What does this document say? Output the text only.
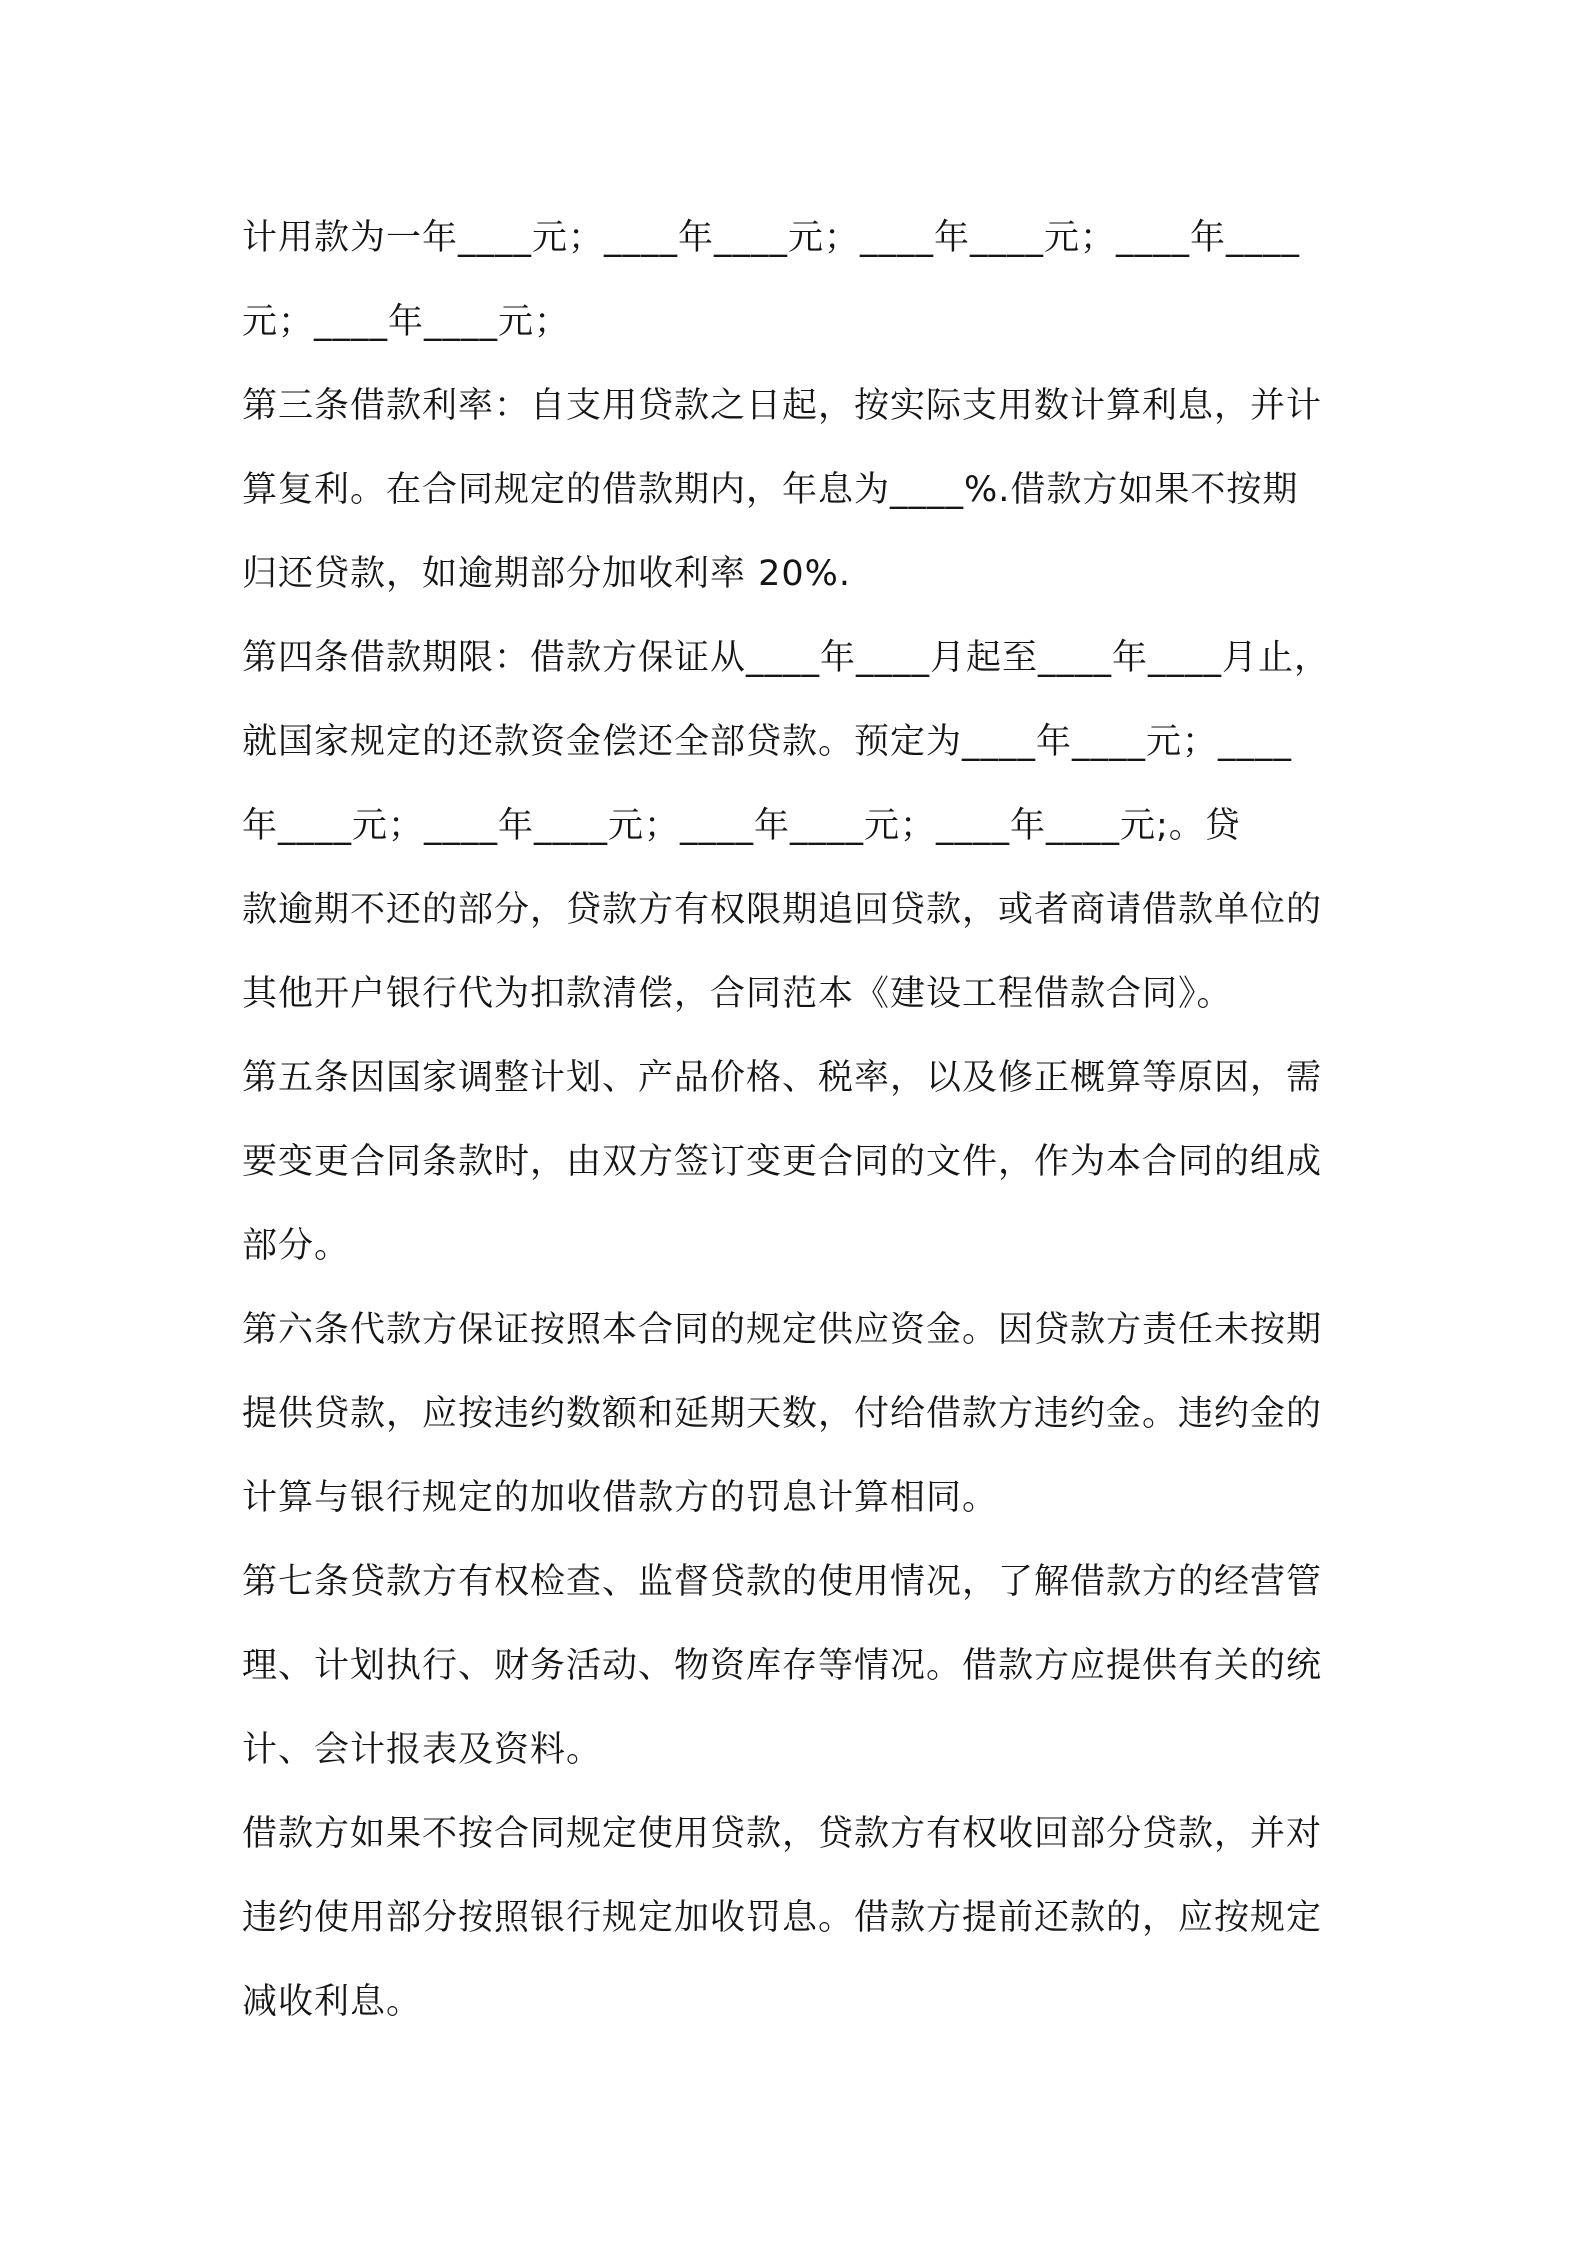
计用款为一年____元；____年____元；____年____元；____年____
元；____年____元；
第三条借款利率：自支用贷款之日起，按实际支用数计算利息，并计
算复利。在合同规定的借款期内，年息为____%.借款方如果不按期
归还贷款，如逾期部分加收利率 20%.
第四条借款期限：借款方保证从____年____月起至____年____月止，
就国家规定的还款资金偿还全部贷款。预定为____年____元；____
年____元；____年____元；____年____元；____年____元;。贷
款逾期不还的部分，贷款方有权限期追回贷款，或者商请借款单位的
其他开户银行代为扣款清偿，合同范本《建设工程借款合同》。
第五条因国家调整计划、产品价格、税率，以及修正概算等原因，需
要变更合同条款时，由双方签订变更合同的文件，作为本合同的组成
部分。
第六条代款方保证按照本合同的规定供应资金。因贷款方责任未按期
提供贷款，应按违约数额和延期天数，付给借款方违约金。违约金的
计算与银行规定的加收借款方的罚息计算相同。
第七条贷款方有权检查、监督贷款的使用情况，了解借款方的经营管
理、计划执行、财务活动、物资库存等情况。借款方应提供有关的统
计、会计报表及资料。
借款方如果不按合同规定使用贷款，贷款方有权收回部分贷款，并对
违约使用部分按照银行规定加收罚息。借款方提前还款的，应按规定
减收利息。
